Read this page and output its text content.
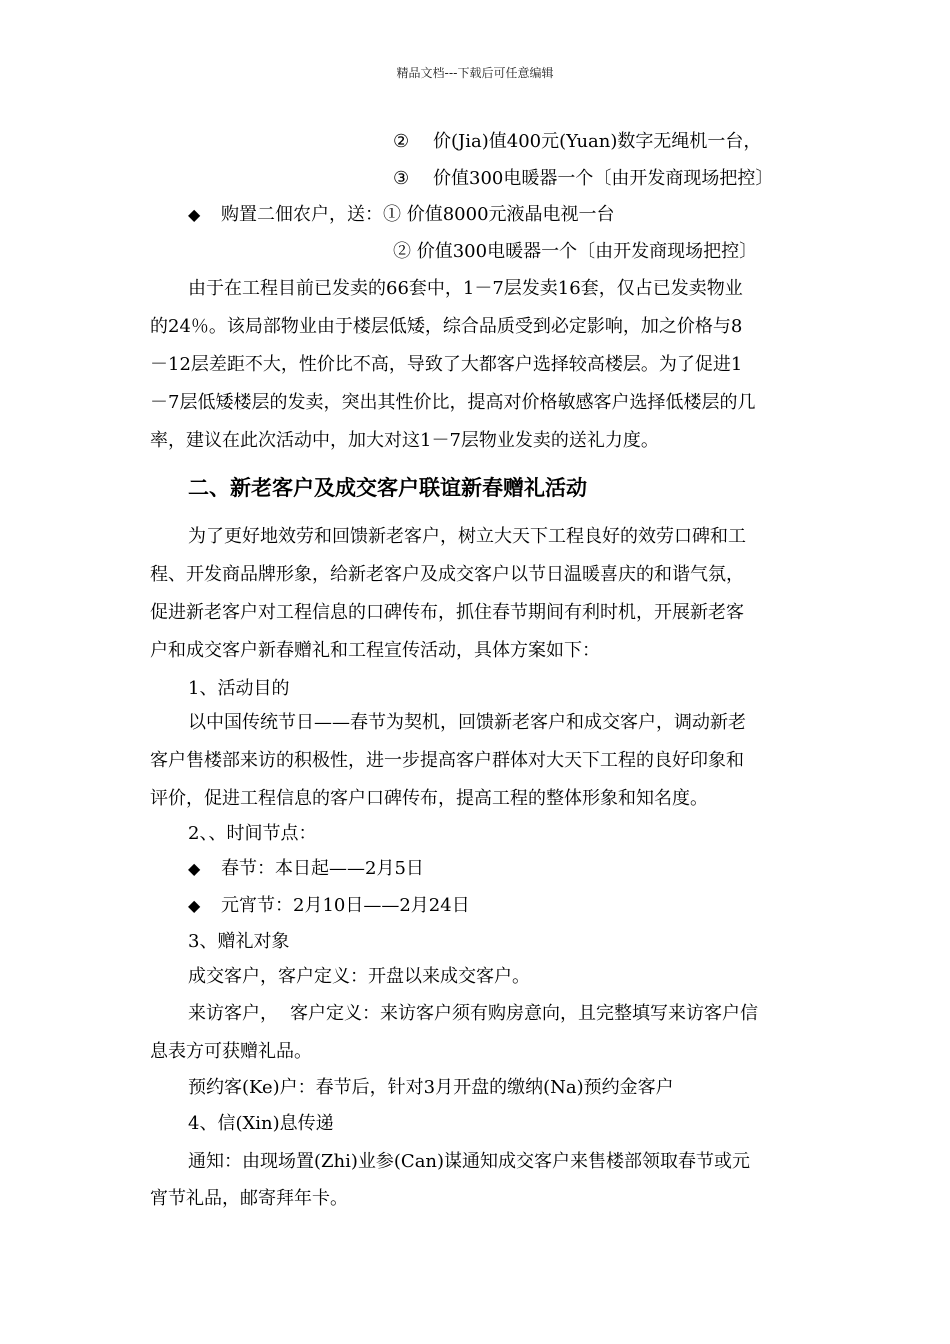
精品文档---下载后可任意编辑
② 价(Jia)值400元(Yuan)数字无绳机一台，
③ 价值300电暖器一个〔由开发商现场把控〕
◆ 购置二佃农户，送：① 价值8000元液晶电视一台
② 价值300电暖器一个〔由开发商现场把控〕
由于在工程目前已发卖的66套中，1－7层发卖16套，仅占已发卖物业
的24％。该局部物业由于楼层低矮，综合品质受到必定影响，加之价格与8
－12层差距不大，性价比不高，导致了大都客户选择较高楼层。为了促进1
－7层低矮楼层的发卖，突出其性价比，提高对价格敏感客户选择低楼层的几
率，建议在此次活动中，加大对这1－7层物业发卖的送礼力度。
二、新老客户及成交客户联谊新春赠礼活动
为了更好地效劳和回馈新老客户，树立大天下工程良好的效劳口碑和工
程、开发商品牌形象，给新老客户及成交客户以节日温暖喜庆的和谐气氛，
促进新老客户对工程信息的口碑传布，抓住春节期间有利时机，开展新老客
户和成交客户新春赠礼和工程宣传活动，具体方案如下：
1、活动目的
以中国传统节日——春节为契机，回馈新老客户和成交客户，调动新老
客户售楼部来访的积极性，进一步提高客户群体对大天下工程的良好印象和
评价，促进工程信息的客户口碑传布，提高工程的整体形象和知名度。
2、、时间节点：
◆ 春节：本日起——2月5日
◆ 元宵节：2月10日——2月24日
3、赠礼对象
成交客户，客户定义：开盘以来成交客户。
来访客户， 客户定义：来访客户须有购房意向，且完整填写来访客户信
息表方可获赠礼品。
预约客(Ke)户：春节后，针对3月开盘的缴纳(Na)预约金客户
4、信(Xin)息传递
通知：由现场置(Zhi)业参(Can)谋通知成交客户来售楼部领取春节或元
宵节礼品，邮寄拜年卡。
